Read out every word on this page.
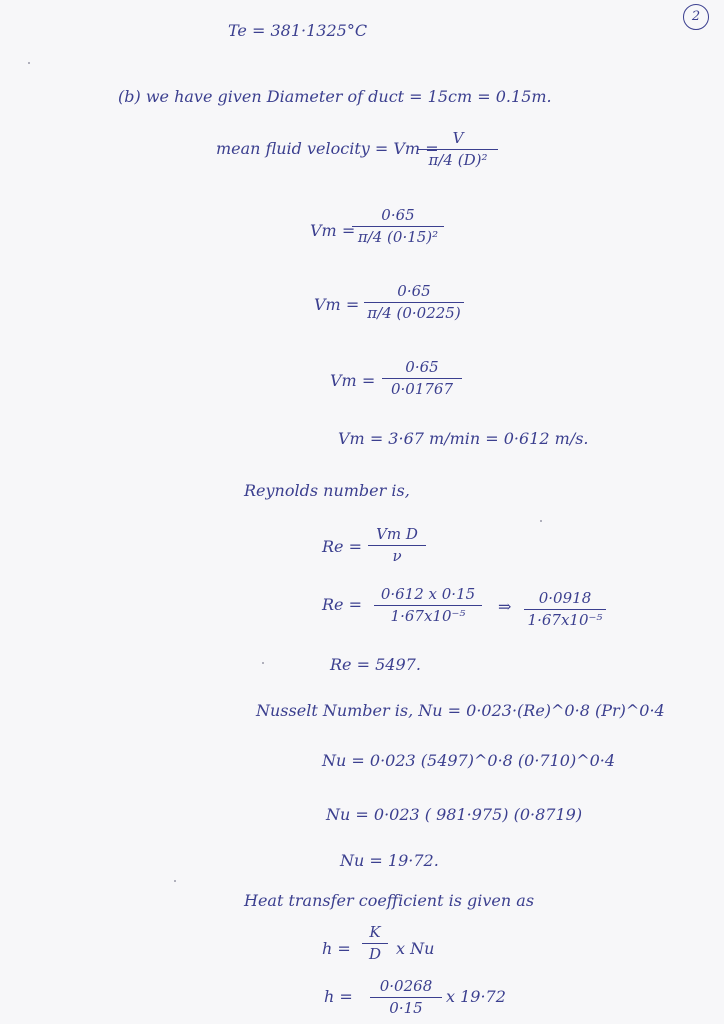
2
Te = 381·1325°C
(b) we have given Diameter of duct = 15cm = 0.15m.
mean fluid velocity = Vm =
V
π/4 (D)²
Vm =
0·65
π/4 (0·15)²
Vm =
0·65
π/4 (0·0225)
Vm =
0·65
0·01767
Vm = 3·67 m/min = 0·612 m/s.
Reynolds number is,
Re =
Vm D
ν
Re =
0·612 x 0·15
1·67x10⁻⁵	⇒	0·0918
1·67x10⁻⁵
Re = 5497.
Nusselt Number is, Nu = 0·023·(Re)^0·8 (Pr)^0·4
Nu = 0·023 (5497)^0·8 (0·710)^0·4
Nu = 0·023 ( 981·975) (0·8719)
Nu = 19·72.
Heat transfer coefficient is given as
h =
K
D x Nu
h =
0·0268
0·15
x 19·72
